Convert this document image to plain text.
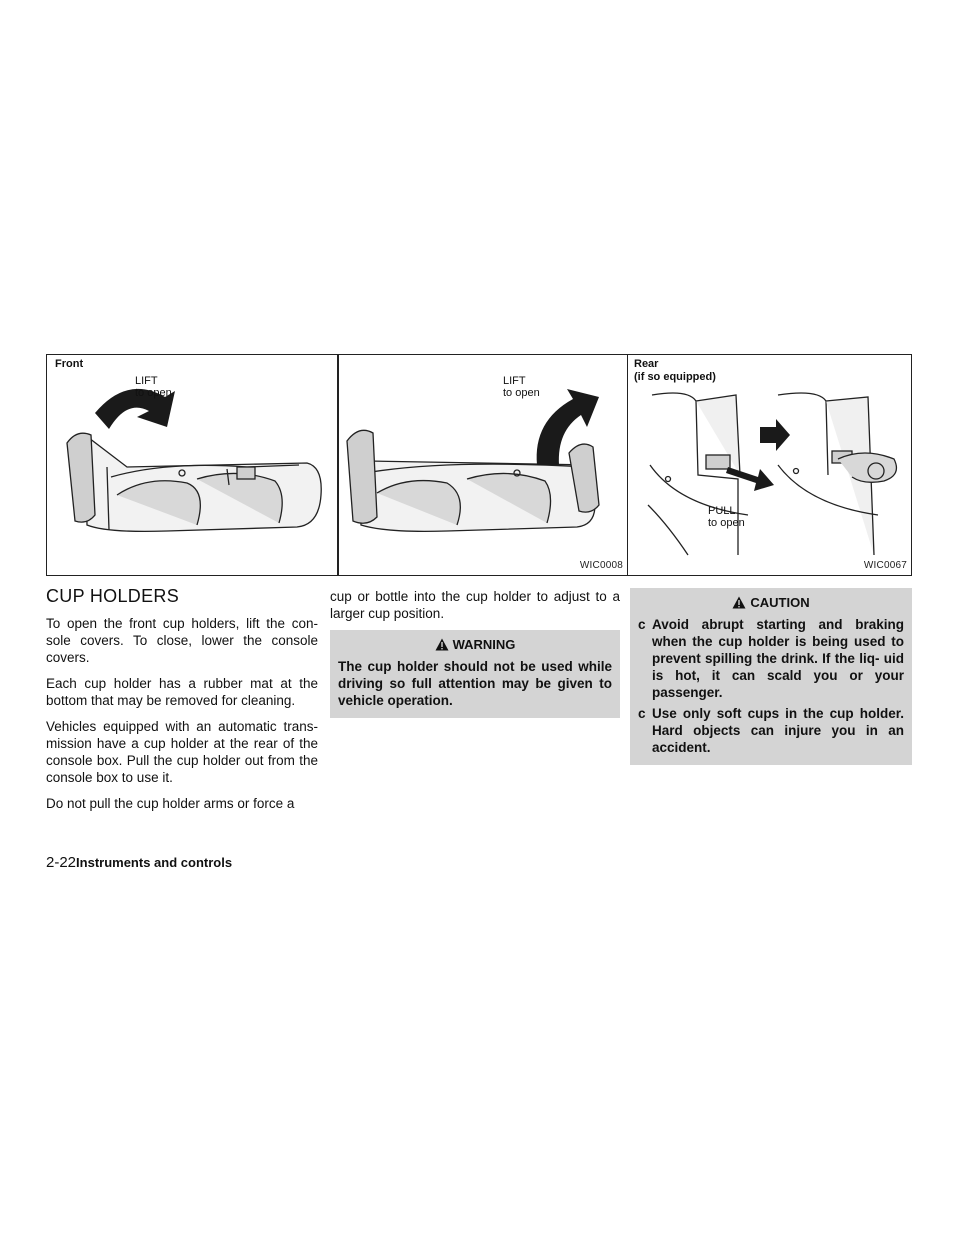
Front
LIFT
to open
LIFT
to open
WIC0008
Rear
(if so equipped)
PULL
to open
WIC0067
CUP HOLDERS

To open the front cup holders, lift the con- sole covers. To close, lower the console covers.

Each cup holder has a rubber mat at the bottom that may be removed for cleaning.

Vehicles equipped with an automatic trans- mission have a cup holder at the rear of the console box. Pull the cup holder out from the console box to use it.

Do not pull the cup holder arms or force a

cup or bottle into the cup holder to adjust to a larger cup position.

WARNING
The cup holder should not be used while driving so full attention may be given to vehicle operation.
CAUTION
c Avoid abrupt starting and braking when the cup holder is being used to prevent spilling the drink. If the liq- uid is hot, it can scald you or your passenger.
c Use only soft cups in the cup holder. Hard objects can injure you in an accident.
2-22Instruments and controls
